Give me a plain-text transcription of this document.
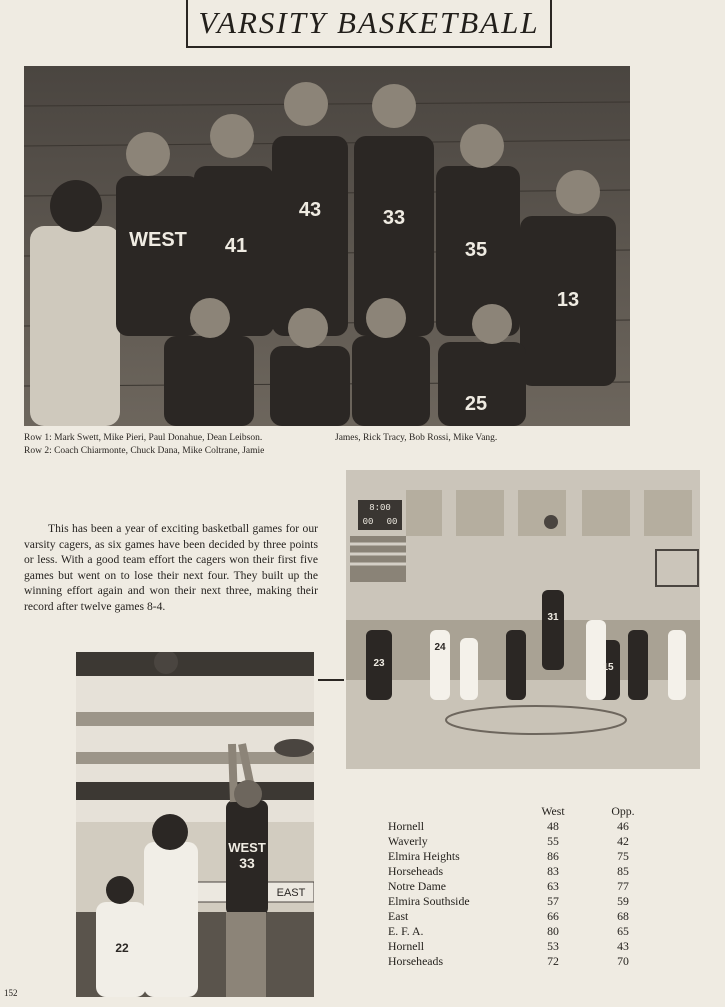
VARSITY BASKETBALL
WEST 41
43	33
35
13
25
Row 1: Mark Swett, Mike Pieri, Paul Donahue, Dean Leibson.
Row 2: Coach Chiarmonte, Chuck Dana, Mike Coltrane, Jamie
James, Rick Tracy, Bob Rossi, Mike Vang.

This has been a year of exciting basketball games for our varsity cagers, as six games have been decided by three points or less. With a good team effort the cagers won their first five games but went on to lose their next four. They built up the winning effort again and won their next three, making their record after twelve games 8-4.

8:00
00 00
23
31
15
24
EAST
WEST
33
22
	West	Opp.
Hornell	48	46
Waverly	55	42
Elmira Heights	86	75
Horseheads	83	85
Notre Dame	63	77
Elmira Southside	57	59
East	66	68
E. F. A.	80	65
Hornell	53	43
Horseheads	72	70
152
